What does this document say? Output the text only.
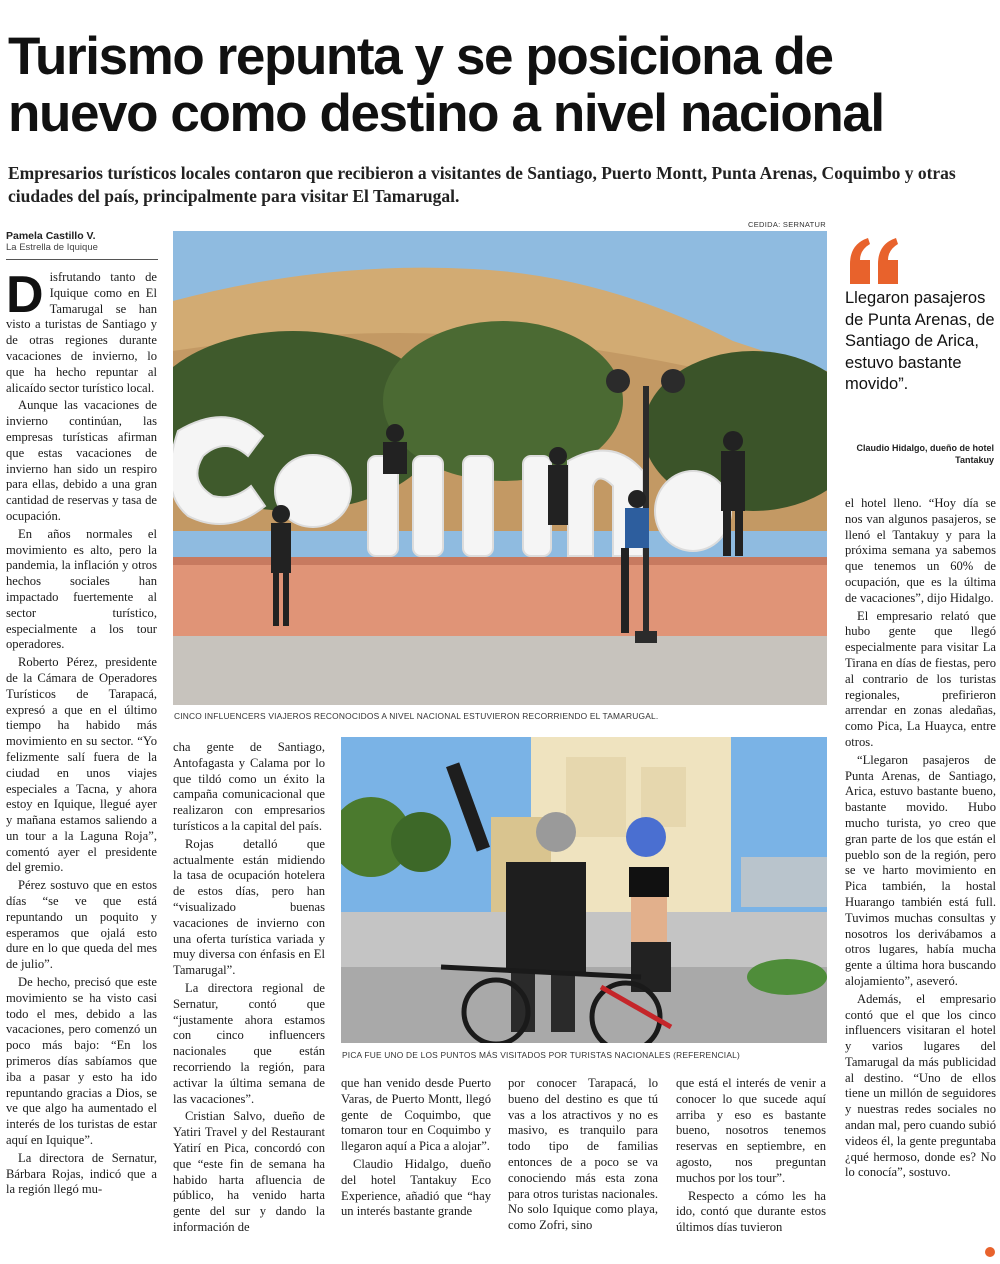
Turismo repunta y se posiciona de nuevo como destino a nivel nacional

Empresarios turísticos locales contaron que recibieron a visitantes de Santiago, Puerto Montt, Punta Arenas, Coquimbo y otras ciudades del país, principalmente para visitar El Tamarugal.

Pamela Castillo V.
La Estrella de Iquique
CEDIDA: SERNATUR
Camiña
CINCO INFLUENCERS VIAJEROS RECONOCIDOS A NIVEL NACIONAL ESTUVIERON RECORRIENDO EL TAMARUGAL.
PICA FUE UNO DE LOS PUNTOS MÁS VISITADOS POR TURISTAS NACIONALES (REFERENCIAL)
Llegaron pasajeros de Punta Arenas, de Santiago de Arica, estuvo bastante movido”.
Claudio Hidalgo, dueño de hotel Tantakuy

Disfrutando tanto de Iquique como en El Tamarugal se han visto a turistas de Santiago y de otras regiones durante vacaciones de invierno, lo que ha hecho repuntar al alicaído sector turístico local.

Aunque las vacaciones de invierno continúan, las empresas turísticas afirman que estas vacaciones de invierno han sido un respiro para ellas, debido a una gran cantidad de reservas y tasa de ocupación.

En años normales el movimiento es alto, pero la pandemia, la inflación y otros hechos sociales han impactado fuertemente al sector turístico, especialmente a los tour operadores.

Roberto Pérez, presidente de la Cámara de Operadores Turísticos de Tarapacá, expresó a que en el último tiempo ha habido más movimiento en su sector. “Yo felizmente salí fuera de la ciudad en unos viajes especiales a Tacna, y ahora estoy en Iquique, llegué ayer y mañana estamos saliendo a un tour a la Laguna Roja”, comentó ayer el presidente del gremio.

Pérez sostuvo que en estos días “se ve que está repuntando un poquito y esperamos que ojalá esto dure en lo que queda del mes de julio”.

De hecho, precisó que este movimiento se ha visto casi todo el mes, debido a las vacaciones, pero comenzó un poco más bajo: “En los primeros días sabíamos que iba a pasar y esto ha ido repuntando gracias a Dios, se ve que algo ha aumentado el interés de los turistas de estar aquí en Iquique”.

La directora de Sernatur, Bárbara Rojas, indicó que a la región llegó mu-

cha gente de Santiago, Antofagasta y Calama por lo que tildó como un éxito la campaña comunicacional que realizaron con empresarios turísticos a la capital del país.

Rojas detalló que actualmente están midiendo la tasa de ocupación hotelera de estos días, pero han “visualizado buenas vacaciones de invierno con una oferta turística variada y muy diversa con énfasis en El Tamarugal”.

La directora regional de Sernatur, contó que “justamente ahora estamos con cinco influencers nacionales que están recorriendo la región, para activar la última semana de las vacaciones”.

Cristian Salvo, dueño de Yatiri Travel y del Restaurant Yatirí en Pica, concordó con que “este fin de semana ha habido harta afluencia de público, ha venido harta gente del sur y dando la información de

que han venido desde Puerto Varas, de Puerto Montt, llegó gente de Coquimbo, que tomaron tour en Coquimbo y llegaron aquí a Pica a alojar”.

Claudio Hidalgo, dueño del hotel Tantakuy Eco Experience, añadió que “hay un interés bastante grande

por conocer Tarapacá, lo bueno del destino es que tú vas a los atractivos y no es masivo, es tranquilo para todo tipo de familias entonces de a poco se va conociendo más esta zona para otros turistas nacionales. No solo Iquique como playa, como Zofri, sino

que está el interés de venir a conocer lo que sucede aquí arriba y eso es bastante bueno, nosotros tenemos reservas en septiembre, en agosto, nos preguntan muchos por los tour”.

Respecto a cómo les ha ido, contó que durante estos últimos días tuvieron

el hotel lleno. “Hoy día se nos van algunos pasajeros, se llenó el Tantakuy y para la próxima semana ya sabemos que tenemos un 60% de ocupación, que es la última de vacaciones”, dijo Hidalgo.

El empresario relató que hubo gente que llegó especialmente para visitar La Tirana en días de fiestas, pero al contrario de los turistas regionales, prefirieron arrendar en zonas aledañas, como Pica, La Huayca, entre otros.

“Llegaron pasajeros de Punta Arenas, de Santiago, Arica, estuvo bastante bueno, bastante movido. Hubo mucho turista, yo creo que gran parte de los que están el pueblo son de la región, pero se ve harto movimiento en Pica también, la hostal Huarango también está full. Tuvimos muchas consultas y nosotros los derivábamos a otros lugares, había mucha gente a última hora buscando alojamiento”, aseveró.

Además, el empresario contó que el que los cinco influencers visitaran el hotel y varios lugares del Tamarugal da más publicidad al destino. “Uno de ellos tiene un millón de seguidores y nuestras redes sociales no andan mal, pero cuando subió videos él, la gente preguntaba ¿qué hermoso, donde es? No lo conocía”, sostuvo.
